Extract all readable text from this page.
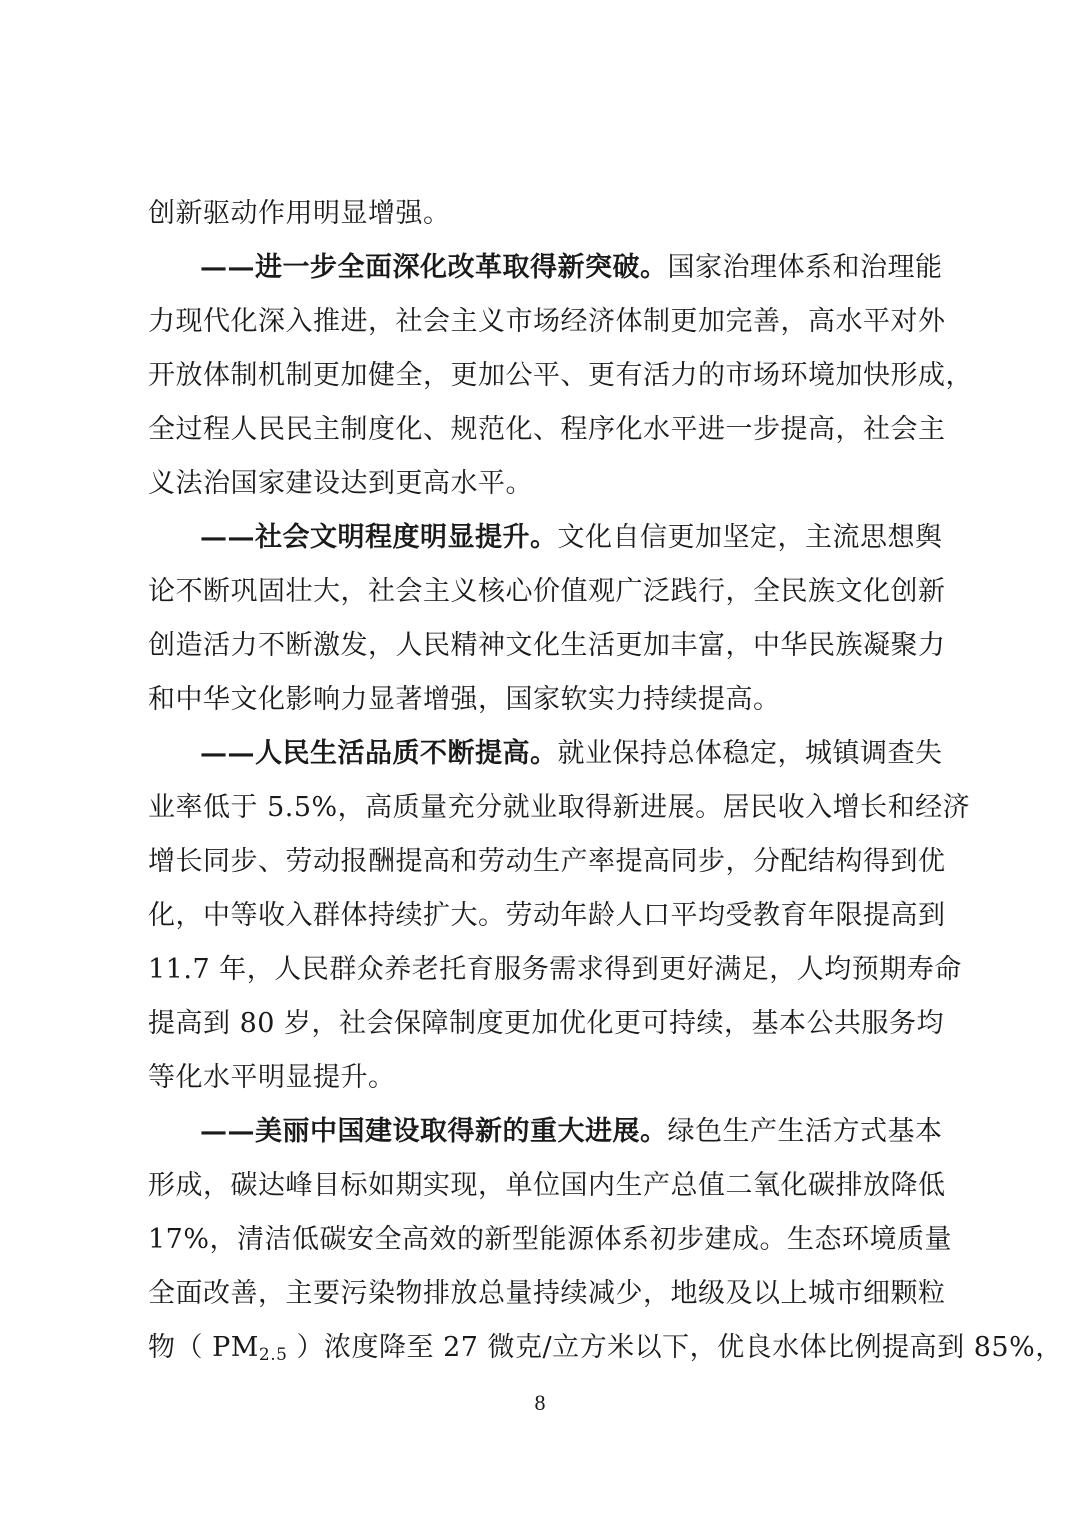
创新驱动作用明显增强。
——进一步全面深化改革取得新突破。国家治理体系和治理能
力现代化深入推进，社会主义市场经济体制更加完善，高水平对外
开放体制机制更加健全，更加公平、更有活力的市场环境加快形成，
全过程人民民主制度化、规范化、程序化水平进一步提高，社会主
义法治国家建设达到更高水平。
——社会文明程度明显提升。文化自信更加坚定，主流思想舆
论不断巩固壮大，社会主义核心价值观广泛践行，全民族文化创新
创造活力不断激发，人民精神文化生活更加丰富，中华民族凝聚力
和中华文化影响力显著增强，国家软实力持续提高。
——人民生活品质不断提高。就业保持总体稳定，城镇调查失
业率低于 5.5%，高质量充分就业取得新进展。居民收入增长和经济
增长同步、劳动报酬提高和劳动生产率提高同步，分配结构得到优
化，中等收入群体持续扩大。劳动年龄人口平均受教育年限提高到
11.7 年，人民群众养老托育服务需求得到更好满足，人均预期寿命
提高到 80 岁，社会保障制度更加优化更可持续，基本公共服务均
等化水平明显提升。
——美丽中国建设取得新的重大进展。绿色生产生活方式基本
形成，碳达峰目标如期实现，单位国内生产总值二氧化碳排放降低
17%，清洁低碳安全高效的新型能源体系初步建成。生态环境质量
全面改善，主要污染物排放总量持续减少，地级及以上城市细颗粒
物（ $PM_{2.5}$ ）浓度降至 27 微克/立方米以下，优良水体比例提高到 85%，
8
